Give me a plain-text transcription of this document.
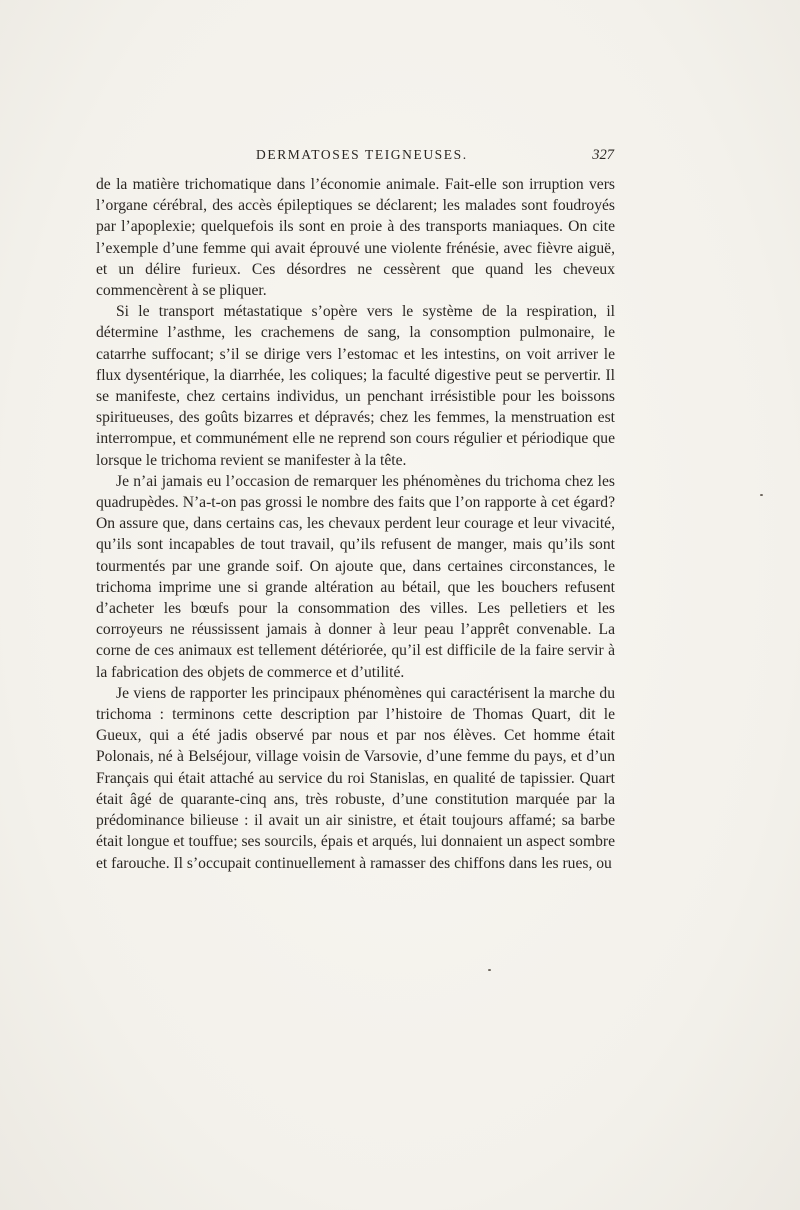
DERMATOSES TEIGNEUSES.	327

de la matière trichomatique dans l’économie animale. Fait-elle son irruption vers l’organe cérébral, des accès épileptiques se déclarent; les malades sont foudroyés par l’apoplexie; quelquefois ils sont en proie à des transports maniaques. On cite l’exemple d’une femme qui avait éprouvé une violente frénésie, avec fièvre aiguë, et un délire furieux. Ces désordres ne cessèrent que quand les cheveux commencèrent à se pliquer.

Si le transport métastatique s’opère vers le système de la respiration, il détermine l’asthme, les crachemens de sang, la consomption pulmonaire, le catarrhe suffocant; s’il se dirige vers l’estomac et les intestins, on voit arriver le flux dysentérique, la diarrhée, les coliques; la faculté digestive peut se pervertir. Il se manifeste, chez certains individus, un penchant irrésistible pour les boissons spiritueuses, des goûts bizarres et dépravés; chez les femmes, la menstruation est interrompue, et communément elle ne reprend son cours régulier et périodique que lorsque le trichoma revient se manifester à la tête.

Je n’ai jamais eu l’occasion de remarquer les phénomènes du trichoma chez les quadrupèdes. N’a-t-on pas grossi le nombre des faits que l’on rapporte à cet égard? On assure que, dans certains cas, les chevaux perdent leur courage et leur vivacité, qu’ils sont incapables de tout travail, qu’ils refusent de manger, mais qu’ils sont tourmentés par une grande soif. On ajoute que, dans certaines circonstances, le trichoma imprime une si grande altération au bétail, que les bouchers refusent d’acheter les bœufs pour la consommation des villes. Les pelletiers et les corroyeurs ne réussissent jamais à donner à leur peau l’apprêt convenable. La corne de ces animaux est tellement détériorée, qu’il est difficile de la faire servir à la fabrication des objets de commerce et d’utilité.

Je viens de rapporter les principaux phénomènes qui caractérisent la marche du trichoma : terminons cette description par l’histoire de Thomas Quart, dit le Gueux, qui a été jadis observé par nous et par nos élèves. Cet homme était Polonais, né à Belséjour, village voisin de Varsovie, d’une femme du pays, et d’un Français qui était attaché au service du roi Stanislas, en qualité de tapissier. Quart était âgé de quarante-cinq ans, très robuste, d’une constitution marquée par la prédominance bilieuse : il avait un air sinistre, et était toujours affamé; sa barbe était longue et touffue; ses sourcils, épais et arqués, lui donnaient un aspect sombre et farouche. Il s’occupait continuellement à ramasser des chiffons dans les rues, ou
